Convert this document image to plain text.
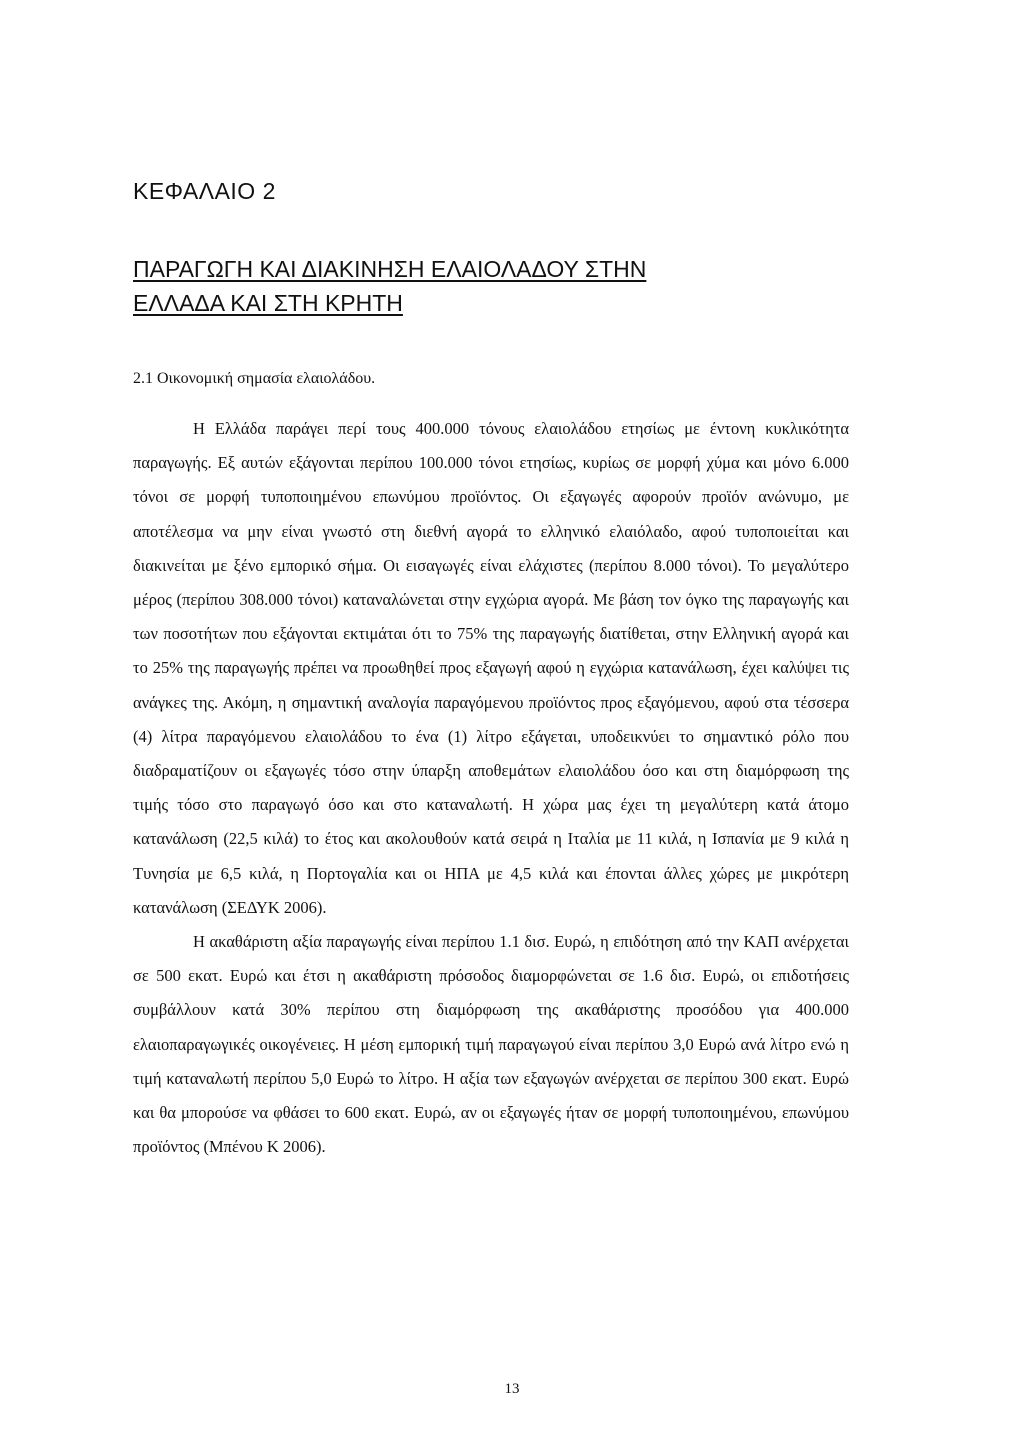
ΚΕΦΑΛΑΙΟ 2
ΠΑΡΑΓΩΓΗ ΚΑΙ ΔΙΑΚΙΝΗΣΗ ΕΛΑΙΟΛΑΔΟΥ ΣΤΗΝ
ΕΛΛΑΔΑ ΚΑΙ ΣΤΗ ΚΡΗΤΗ
2.1 Οικονομική σημασία ελαιολάδου.

Η Ελλάδα παράγει περί τους 400.000 τόνους ελαιολάδου ετησίως με έντονη κυκλικότητα παραγωγής. Εξ αυτών εξάγονται περίπου 100.000 τόνοι ετησίως, κυρίως σε μορφή χύμα και μόνο 6.000 τόνοι σε μορφή τυποποιημένου επωνύμου προϊόντος. Οι εξαγωγές αφορούν προϊόν ανώνυμο, με αποτέλεσμα να μην είναι γνωστό στη διεθνή αγορά το ελληνικό ελαιόλαδο, αφού τυποποιείται και διακινείται με ξένο εμπορικό σήμα. Οι εισαγωγές είναι ελάχιστες (περίπου 8.000 τόνοι). Το μεγαλύτερο μέρος (περίπου 308.000 τόνοι) καταναλώνεται στην εγχώρια αγορά. Με βάση τον όγκο της παραγωγής και των ποσοτήτων που εξάγονται εκτιμάται ότι το 75% της παραγωγής διατίθεται, στην Ελληνική αγορά και το 25% της παραγωγής πρέπει να προωθηθεί προς εξαγωγή αφού η εγχώρια κατανάλωση, έχει καλύψει τις ανάγκες της. Ακόμη, η σημαντική αναλογία παραγόμενου προϊόντος προς εξαγόμενου, αφού στα τέσσερα (4) λίτρα παραγόμενου ελαιολάδου το ένα (1) λίτρο εξάγεται, υποδεικνύει το σημαντικό ρόλο που διαδραματίζουν οι εξαγωγές τόσο στην ύπαρξη αποθεμάτων ελαιολάδου όσο και στη διαμόρφωση της τιμής τόσο στο παραγωγό όσο και στο καταναλωτή. Η χώρα μας έχει τη μεγαλύτερη κατά άτομο κατανάλωση (22,5 κιλά) το έτος και ακολουθούν κατά σειρά η Ιταλία με 11 κιλά, η Ισπανία με 9 κιλά η Τυνησία με 6,5 κιλά, η Πορτογαλία και οι ΗΠΑ με 4,5 κιλά και έπονται άλλες χώρες με μικρότερη κατανάλωση (ΣΕΔΥΚ 2006).

Η ακαθάριστη αξία παραγωγής είναι περίπου 1.1 δισ. Ευρώ, η επιδότηση από την ΚΑΠ ανέρχεται σε 500 εκατ. Ευρώ και έτσι η ακαθάριστη πρόσοδος διαμορφώνεται σε 1.6 δισ. Ευρώ, οι επιδοτήσεις συμβάλλουν κατά 30% περίπου στη διαμόρφωση της ακαθάριστης προσόδου για 400.000 ελαιοπαραγωγικές οικογένειες. Η μέση εμπορική τιμή παραγωγού είναι περίπου 3,0 Ευρώ ανά λίτρο ενώ η τιμή καταναλωτή περίπου 5,0 Ευρώ το λίτρο. Η αξία των εξαγωγών ανέρχεται σε περίπου 300 εκατ. Ευρώ και θα μπορούσε να φθάσει το 600 εκατ. Ευρώ, αν οι εξαγωγές ήταν σε μορφή τυποποιημένου, επωνύμου προϊόντος (Μπένου Κ 2006).

13
